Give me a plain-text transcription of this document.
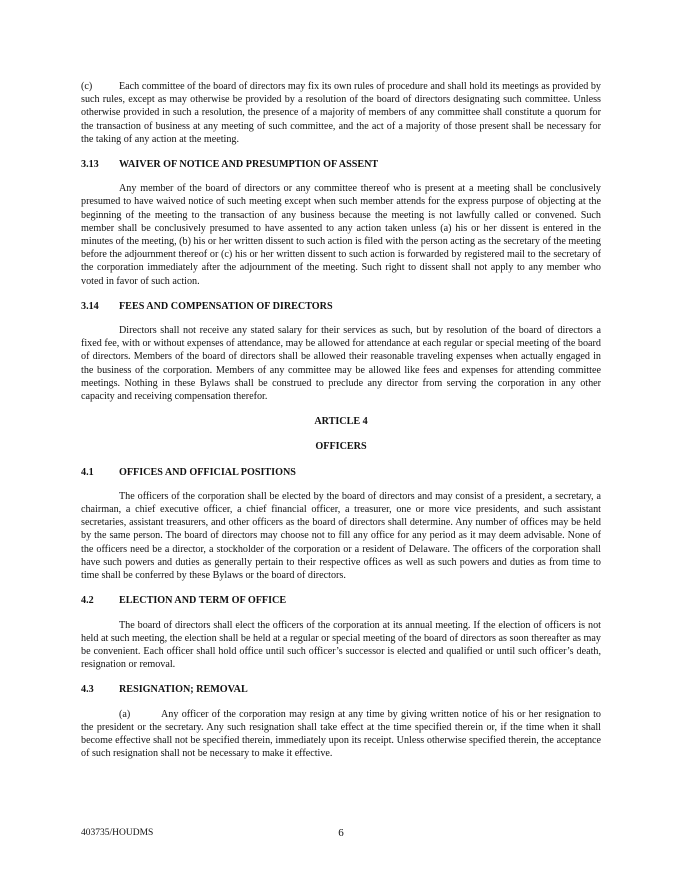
(c)	Each committee of the board of directors may fix its own rules of procedure and shall hold its meetings as provided by such rules, except as may otherwise be provided by a resolution of the board of directors designating such committee. Unless otherwise provided in such a resolution, the presence of a majority of members of any committee shall constitute a quorum for the transaction of business at any meeting of such committee, and the act of a majority of those present shall be necessary for the taking of any action at the meeting.

3.13	WAIVER OF NOTICE AND PRESUMPTION OF ASSENT

Any member of the board of directors or any committee thereof who is present at a meeting shall be conclusively presumed to have waived notice of such meeting except when such member attends for the express purpose of objecting at the beginning of the meeting to the transaction of any business because the meeting is not lawfully called or convened. Such member shall be conclusively presumed to have assented to any action taken unless (a) his or her dissent is entered in the minutes of the meeting, (b) his or her written dissent to such action is filed with the person acting as the secretary of the meeting before the adjournment thereof or (c) his or her written dissent to such action is forwarded by registered mail to the secretary of the corporation immediately after the adjournment of the meeting. Such right to dissent shall not apply to any member who voted in favor of such action.

3.14	FEES AND COMPENSATION OF DIRECTORS

Directors shall not receive any stated salary for their services as such, but by resolution of the board of directors a fixed fee, with or without expenses of attendance, may be allowed for attendance at each regular or special meeting of the board of directors. Members of the board of directors shall be allowed their reasonable traveling expenses when actually engaged in the business of the corporation. Members of any committee may be allowed like fees and expenses for attending committee meetings. Nothing in these Bylaws shall be construed to preclude any director from serving the corporation in any other capacity and receiving compensation therefor.

ARTICLE 4
OFFICERS
4.1	OFFICES AND OFFICIAL POSITIONS

The officers of the corporation shall be elected by the board of directors and may consist of a president, a secretary, a chairman, a chief executive officer, a chief financial officer, a treasurer, one or more vice presidents, and such assistant secretaries, assistant treasurers, and other officers as the board of directors shall determine. Any number of offices may be held by the same person. The board of directors may choose not to fill any office for any period as it may deem advisable. None of the officers need be a director, a stockholder of the corporation or a resident of Delaware. The officers of the corporation shall have such powers and duties as generally pertain to their respective offices as well as such powers and duties as from time to time shall be conferred by these Bylaws or the board of directors.

4.2	ELECTION AND TERM OF OFFICE

The board of directors shall elect the officers of the corporation at its annual meeting. If the election of officers is not held at such meeting, the election shall be held at a regular or special meeting of the board of directors as soon thereafter as may be convenient. Each officer shall hold office until such officer’s successor is elected and qualified or until such officer’s death, resignation or removal.

4.3	RESIGNATION; REMOVAL

(a)	Any officer of the corporation may resign at any time by giving written notice of his or her resignation to the president or the secretary. Any such resignation shall take effect at the time specified therein or, if the time when it shall become effective shall not be specified therein, immediately upon its receipt. Unless otherwise specified therein, the acceptance of such resignation shall not be necessary to make it effective.

403735/HOUDMS	6
